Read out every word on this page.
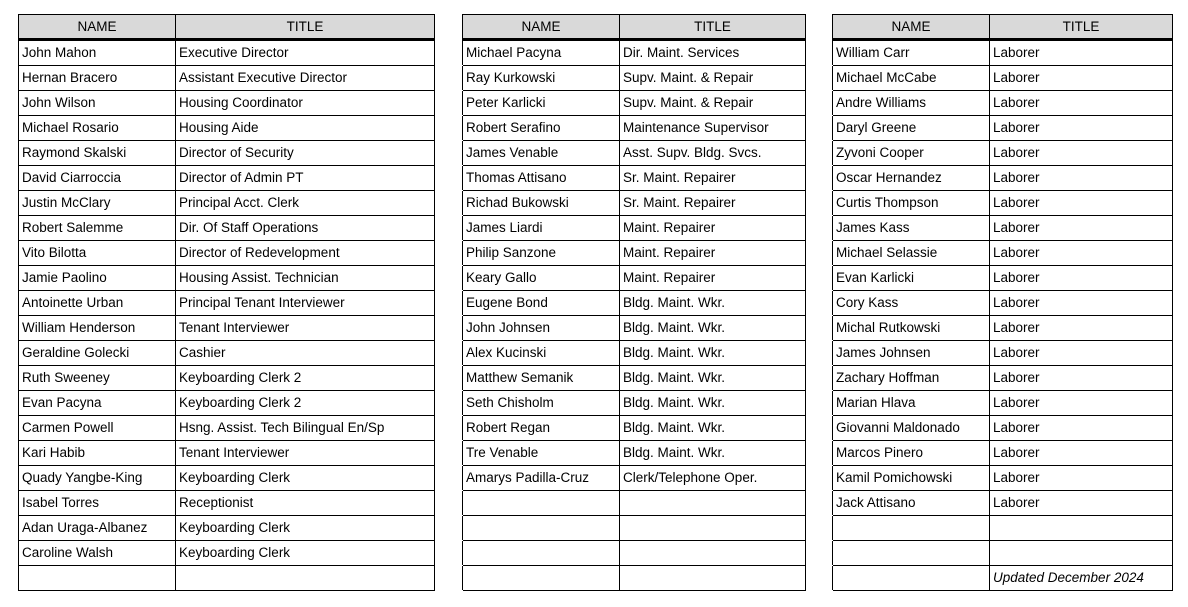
NAME	TITLE		NAME	TITLE		NAME	TITLE
John Mahon	Executive Director		Michael Pacyna	Dir. Maint. Services		William Carr	Laborer
Hernan Bracero	Assistant Executive Director		Ray Kurkowski	Supv. Maint. & Repair		Michael McCabe	Laborer
John Wilson	Housing Coordinator		Peter Karlicki	Supv. Maint. & Repair		Andre Williams	Laborer
Michael Rosario	Housing Aide		Robert Serafino	Maintenance Supervisor		Daryl Greene	Laborer
Raymond Skalski	Director of Security		James Venable	Asst. Supv. Bldg. Svcs.		Zyvoni Cooper	Laborer
David Ciarroccia	Director of Admin PT		Thomas Attisano	Sr. Maint. Repairer		Oscar Hernandez	Laborer
Justin McClary	Principal Acct. Clerk		Richad Bukowski	Sr. Maint. Repairer		Curtis Thompson	Laborer
Robert Salemme	Dir. Of Staff Operations		James Liardi	Maint. Repairer		James Kass	Laborer
Vito Bilotta	Director of Redevelopment		Philip Sanzone	Maint. Repairer		Michael Selassie	Laborer
Jamie Paolino	Housing Assist. Technician		Keary Gallo	Maint. Repairer		Evan Karlicki	Laborer
Antoinette Urban	Principal Tenant Interviewer		Eugene Bond	Bldg. Maint. Wkr.		Cory Kass	Laborer
William Henderson	Tenant Interviewer		John Johnsen	Bldg. Maint. Wkr.		Michal Rutkowski	Laborer
Geraldine Golecki	Cashier		Alex Kucinski	Bldg. Maint. Wkr.		James Johnsen	Laborer
Ruth Sweeney	Keyboarding Clerk 2		Matthew Semanik	Bldg. Maint. Wkr.		Zachary Hoffman	Laborer
Evan Pacyna	Keyboarding Clerk 2		Seth Chisholm	Bldg. Maint. Wkr.		Marian Hlava	Laborer
Carmen Powell	Hsng. Assist. Tech Bilingual En/Sp		Robert Regan	Bldg. Maint. Wkr.		Giovanni Maldonado	Laborer
Kari Habib	Tenant Interviewer		Tre Venable	Bldg. Maint. Wkr.		Marcos Pinero	Laborer
Quady Yangbe-King	Keyboarding Clerk		Amarys Padilla-Cruz	Clerk/Telephone Oper.		Kamil Pomichowski	Laborer
Isabel Torres	Receptionist					Jack Attisano	Laborer
Adan Uraga-Albanez	Keyboarding Clerk						
Caroline Walsh	Keyboarding Clerk						
							Updated December 2024
